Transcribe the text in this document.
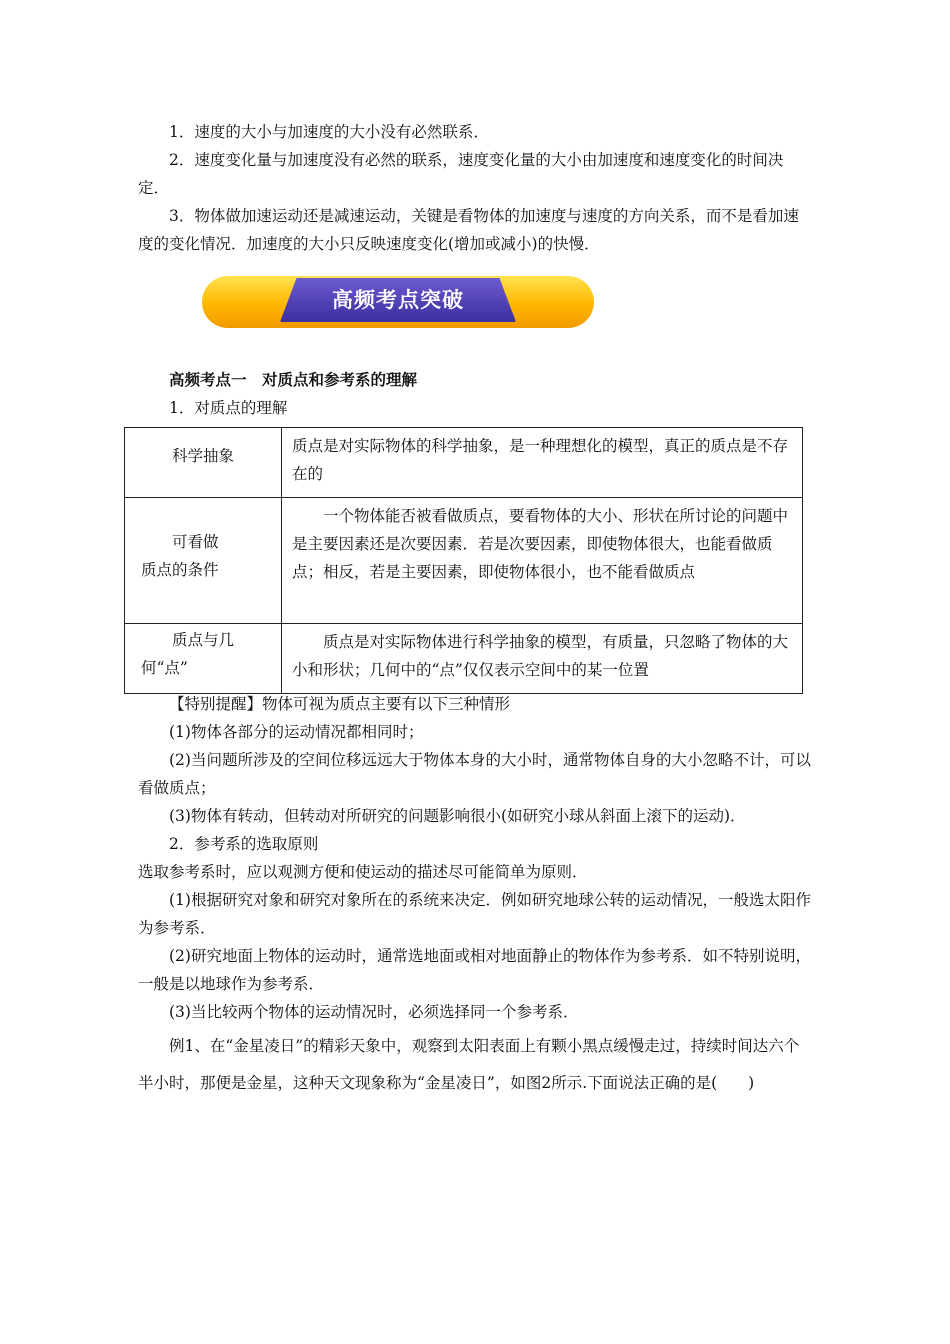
1．速度的大小与加速度的大小没有必然联系．
2．速度变化量与加速度没有必然的联系，速度变化量的大小由加速度和速度变化的时间决定．
3．物体做加速运动还是减速运动，关键是看物体的加速度与速度的方向关系，而不是看加速度的变化情况．加速度的大小只反映速度变化(增加或减小)的快慢．
高频考点突破
高频考点一　对质点和参考系的理解
1．对质点的理解
科学抽象	质点是对实际物体的科学抽象，是一种理想化的模型，真正的质点是不存在的

可看做质点的条件	一个物体能否被看做质点，要看物体的大小、形状在所讨论的问题中是主要因素还是次要因素．若是次要因素，即使物体很大，也能看做质点；相反，若是主要因素，即使物体很小，也不能看做质点

质点与几何“点”	质点是对实际物体进行科学抽象的模型，有质量，只忽略了物体的大小和形状；几何中的“点”仅仅表示空间中的某一位置
【特别提醒】物体可视为质点主要有以下三种情形
(1)物体各部分的运动情况都相同时；
(2)当问题所涉及的空间位移远远大于物体本身的大小时，通常物体自身的大小忽略不计，可以看做质点；
(3)物体有转动，但转动对所研究的问题影响很小(如研究小球从斜面上滚下的运动)．
2．参考系的选取原则
选取参考系时，应以观测方便和使运动的描述尽可能简单为原则．
(1)根据研究对象和研究对象所在的系统来决定．例如研究地球公转的运动情况，一般选太阳作为参考系．
(2)研究地面上物体的运动时，通常选地面或相对地面静止的物体作为参考系．如不特别说明，一般是以地球作为参考系．
(3)当比较两个物体的运动情况时，必须选择同一个参考系．
例1、在“金星凌日”的精彩天象中，观察到太阳表面上有颗小黑点缓慢走过，持续时间达六个半小时，那便是金星，这种天文现象称为“金星凌日”，如图2所示.下面说法正确的是(　　)
